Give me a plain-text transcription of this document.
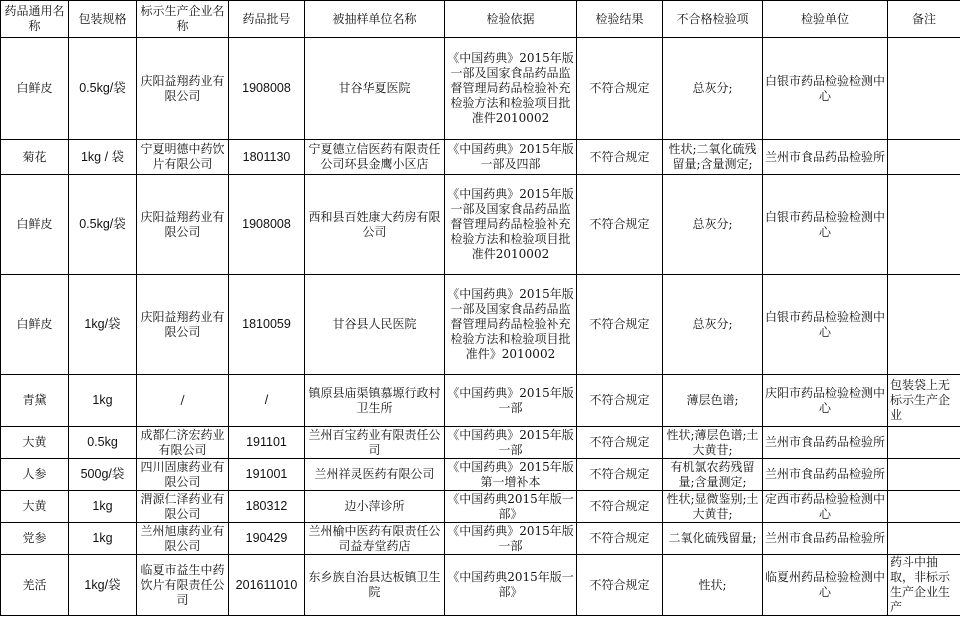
药品通用名称	包装规格	标示生产企业名称	药品批号	被抽样单位名称	检验依据	检验结果	不合格检验项	检验单位	备注
白鲜皮	0.5kg/袋	庆阳益翔药业有限公司	1908008	甘谷华夏医院	《中国药典》2015年版一部及国家食品药品监督管理局药品检验补充检验方法和检验项目批准件2010002	不符合规定	总灰分;	白银市药品检验检测中心	
菊花	1kg / 袋	宁夏明德中药饮片有限公司	1801130	宁夏德立信医药有限责任公司环县金鹰小区店	《中国药典》2015年版一部及四部	不符合规定	性状;二氧化硫残留量;含量测定;	兰州市食品药品检验所	
白鲜皮	0.5kg/袋	庆阳益翔药业有限公司	1908008	西和县百姓康大药房有限公司	《中国药典》2015年版一部及国家食品药品监督管理局药品检验补充检验方法和检验项目批准件2010002	不符合规定	总灰分;	白银市药品检验检测中心	
白鲜皮	1kg/袋	庆阳益翔药业有限公司	1810059	甘谷县人民医院	《中国药典》2015年版一部及国家食品药品监督管理局药品检验补充检验方法和检验项目批准件》2010002	不符合规定	总灰分;	白银市药品检验检测中心	
青黛	1kg	/	/	镇原县庙渠镇慕塬行政村卫生所	《中国药典》2015年版一部	不符合规定	薄层色谱;	庆阳市药品检验检测中心	包装袋上无标示生产企业
大黄	0.5kg	成都仁济宏药业有限公司	191101	兰州百宝药业有限责任公司	《中国药典》2015年版一部	不符合规定	性状;薄层色谱;土大黄苷;	兰州市食品药品检验所	
人参	500g/袋	四川固康药业有限公司	191001	兰州祥灵医药有限公司	《中国药典》2015年版第一增补本	不符合规定	有机氯农药残留量;含量测定;	兰州市食品药品检验所	
大黄	1kg	渭源仁泽药业有限公司	180312	边小萍诊所	《中国药典2015年版一部》	不符合规定	性状;显微鉴别;土大黄苷;	定西市药品检验检测中心	
党参	1kg	兰州旭康药业有限公司	190429	兰州榆中医药有限责任公司益寿堂药店	《中国药典》2015年版一部	不符合规定	二氧化硫残留量;	兰州市食品药品检验所	
羌活	1kg/袋	临夏市益生中药饮片有限责任公司	201611010	东乡族自治县达板镇卫生院	《中国药典2015年版一部》	不符合规定	性状;	临夏州药品检验检测中心	药斗中抽取，非标示生产企业生产
